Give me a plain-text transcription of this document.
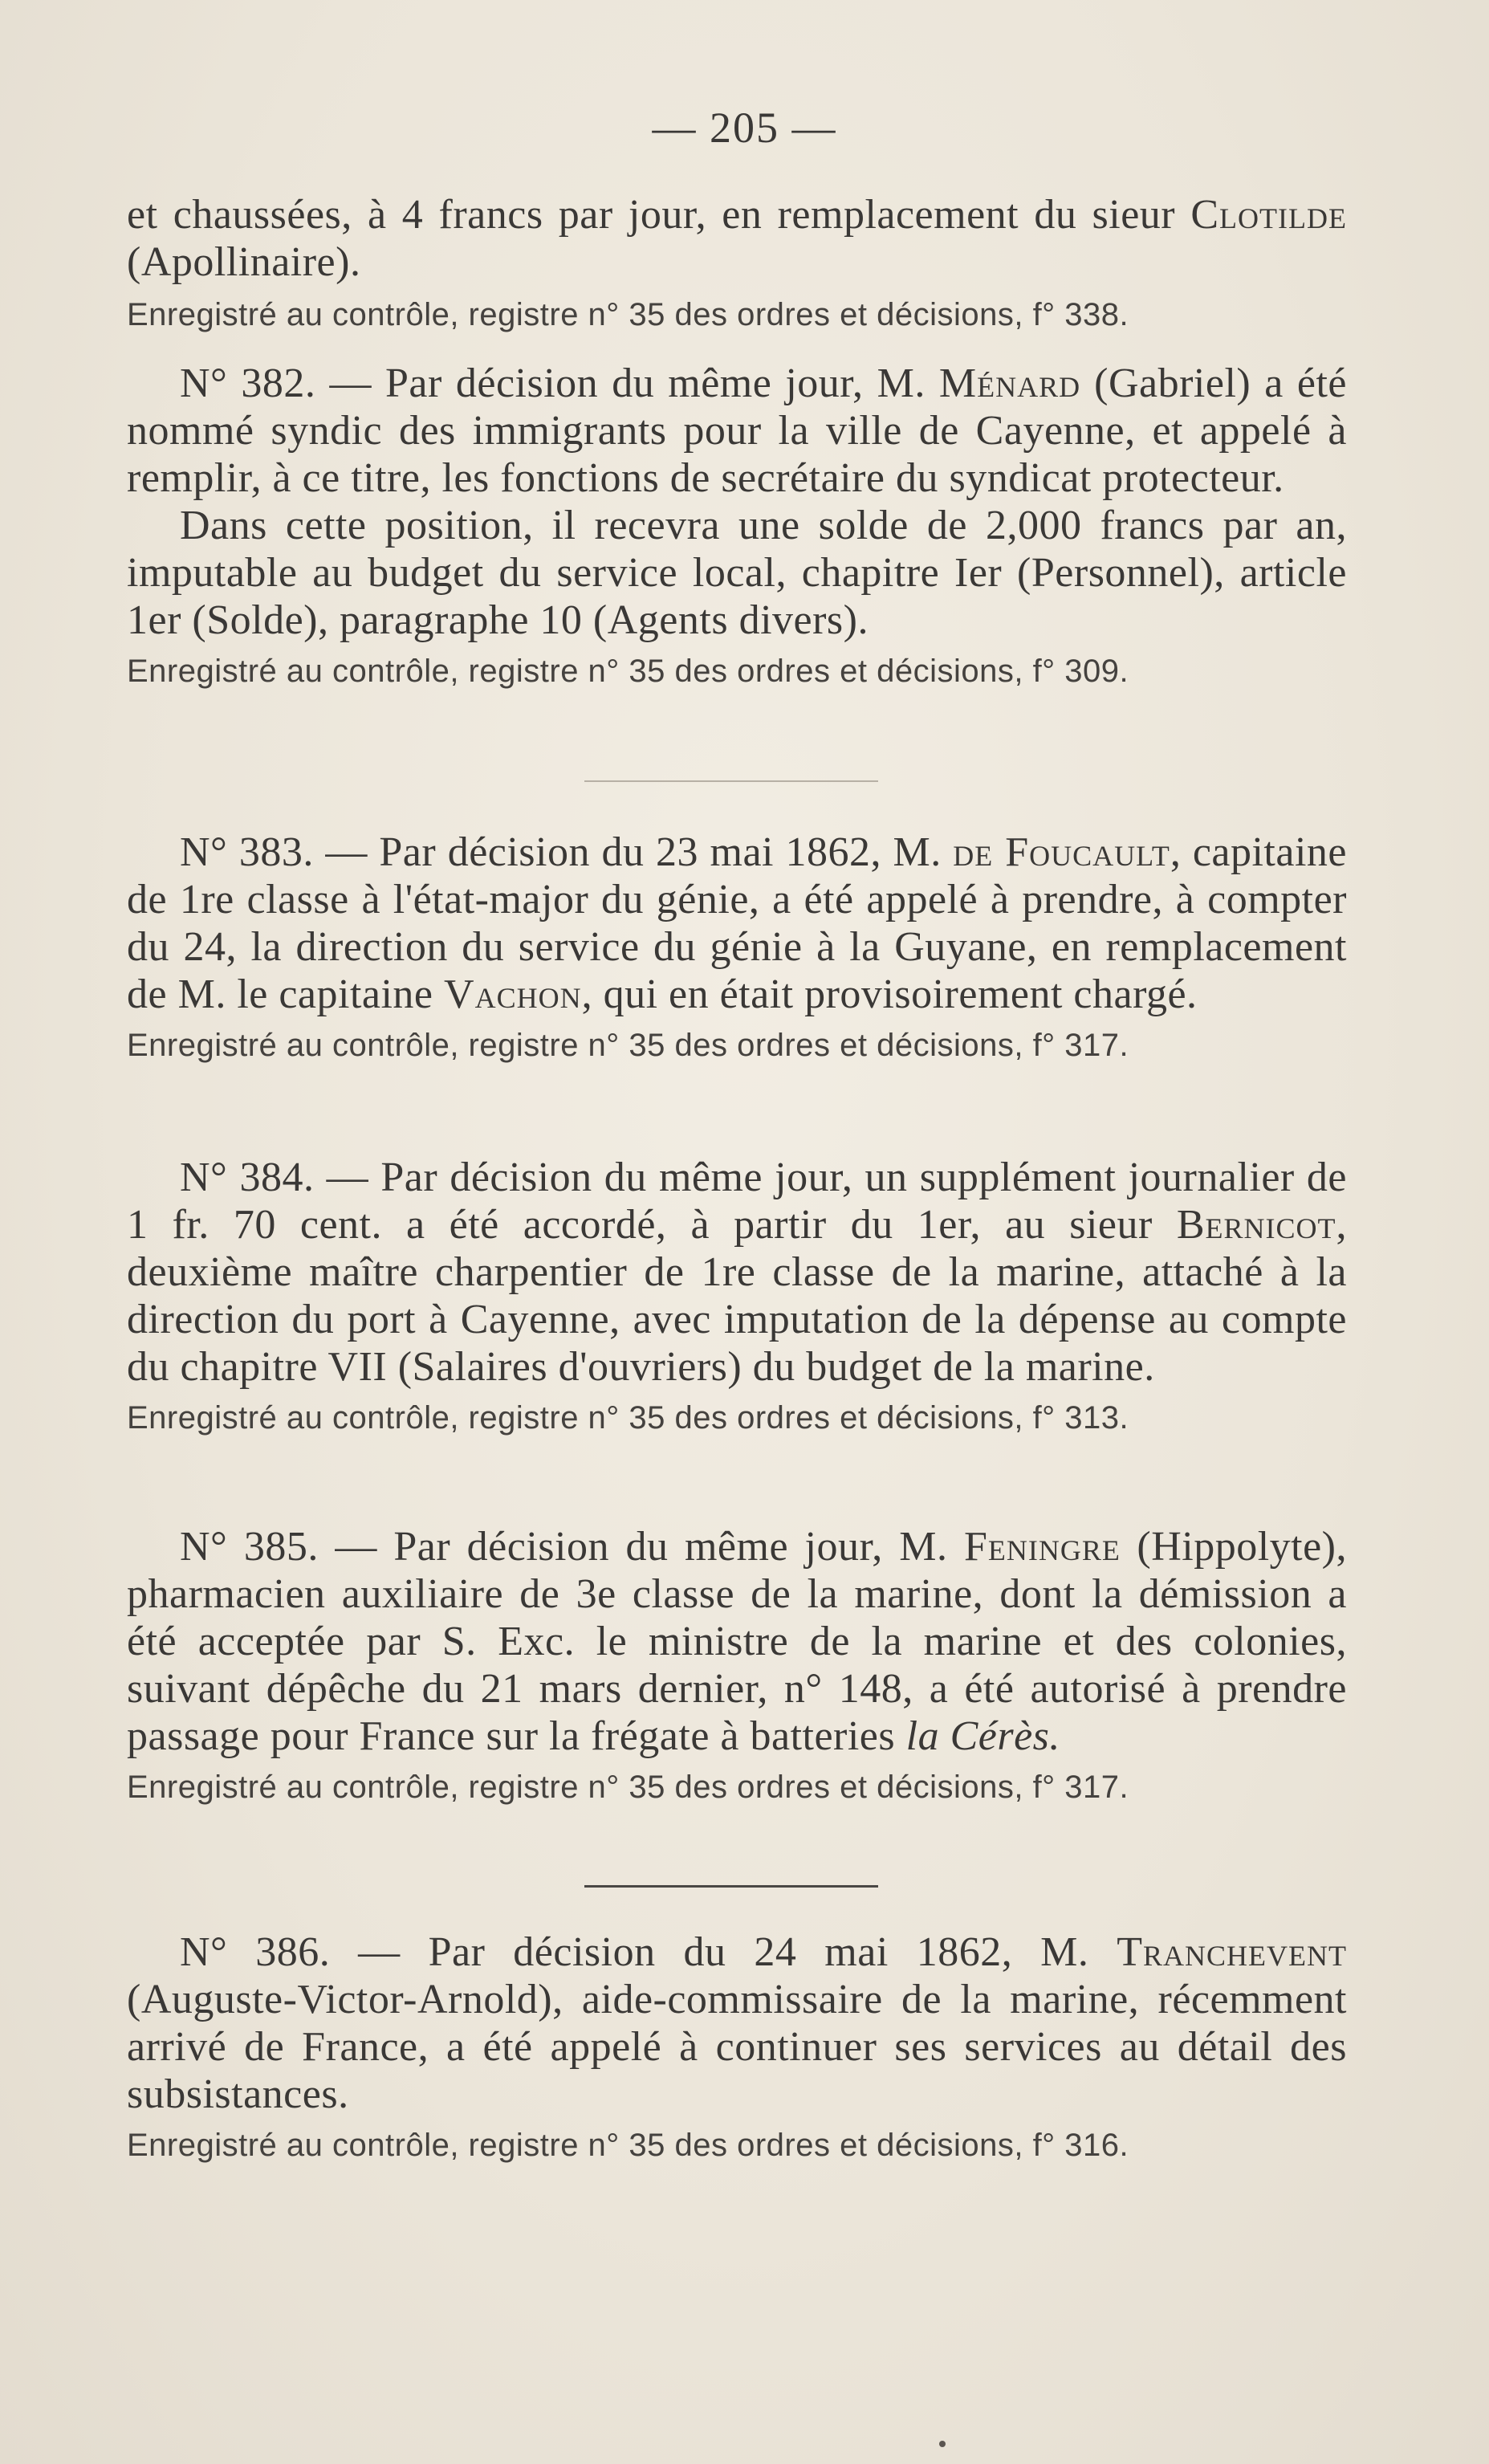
— 205 —

et chaussées, à 4 francs par jour, en remplacement du sieur Clotilde (Apollinaire).

Enregistré au contrôle, registre n° 35 des ordres et décisions, f° 338.

N° 382. — Par décision du même jour, M. Ménard (Gabriel) a été nommé syndic des immigrants pour la ville de Cayenne, et appelé à remplir, à ce titre, les fonctions de secrétaire du syndicat protecteur.

Dans cette position, il recevra une solde de 2,000 francs par an, imputable au budget du service local, chapitre Ier (Personnel), article 1er (Solde), paragraphe 10 (Agents divers).

Enregistré au contrôle, registre n° 35 des ordres et décisions, f° 309.

N° 383. — Par décision du 23 mai 1862, M. de Foucault, capitaine de 1re classe à l'état-major du génie, a été appelé à prendre, à compter du 24, la direction du service du génie à la Guyane, en remplacement de M. le capitaine Vachon, qui en était provisoirement chargé.

Enregistré au contrôle, registre n° 35 des ordres et décisions, f° 317.

N° 384. — Par décision du même jour, un supplément journalier de 1 fr. 70 cent. a été accordé, à partir du 1er, au sieur Bernicot, deuxième maître charpentier de 1re classe de la marine, attaché à la direction du port à Cayenne, avec imputation de la dépense au compte du chapitre VII (Salaires d'ouvriers) du budget de la marine.

Enregistré au contrôle, registre n° 35 des ordres et décisions, f° 313.

N° 385. — Par décision du même jour, M. Feningre (Hippolyte), pharmacien auxiliaire de 3e classe de la marine, dont la démission a été acceptée par S. Exc. le ministre de la marine et des colonies, suivant dépêche du 21 mars dernier, n° 148, a été autorisé à prendre passage pour France sur la frégate à batteries la Cérès.

Enregistré au contrôle, registre n° 35 des ordres et décisions, f° 317.

N° 386. — Par décision du 24 mai 1862, M. Tranchevent (Auguste-Victor-Arnold), aide-commissaire de la marine, récemment arrivé de France, a été appelé à continuer ses services au détail des subsistances.

Enregistré au contrôle, registre n° 35 des ordres et décisions, f° 316.
